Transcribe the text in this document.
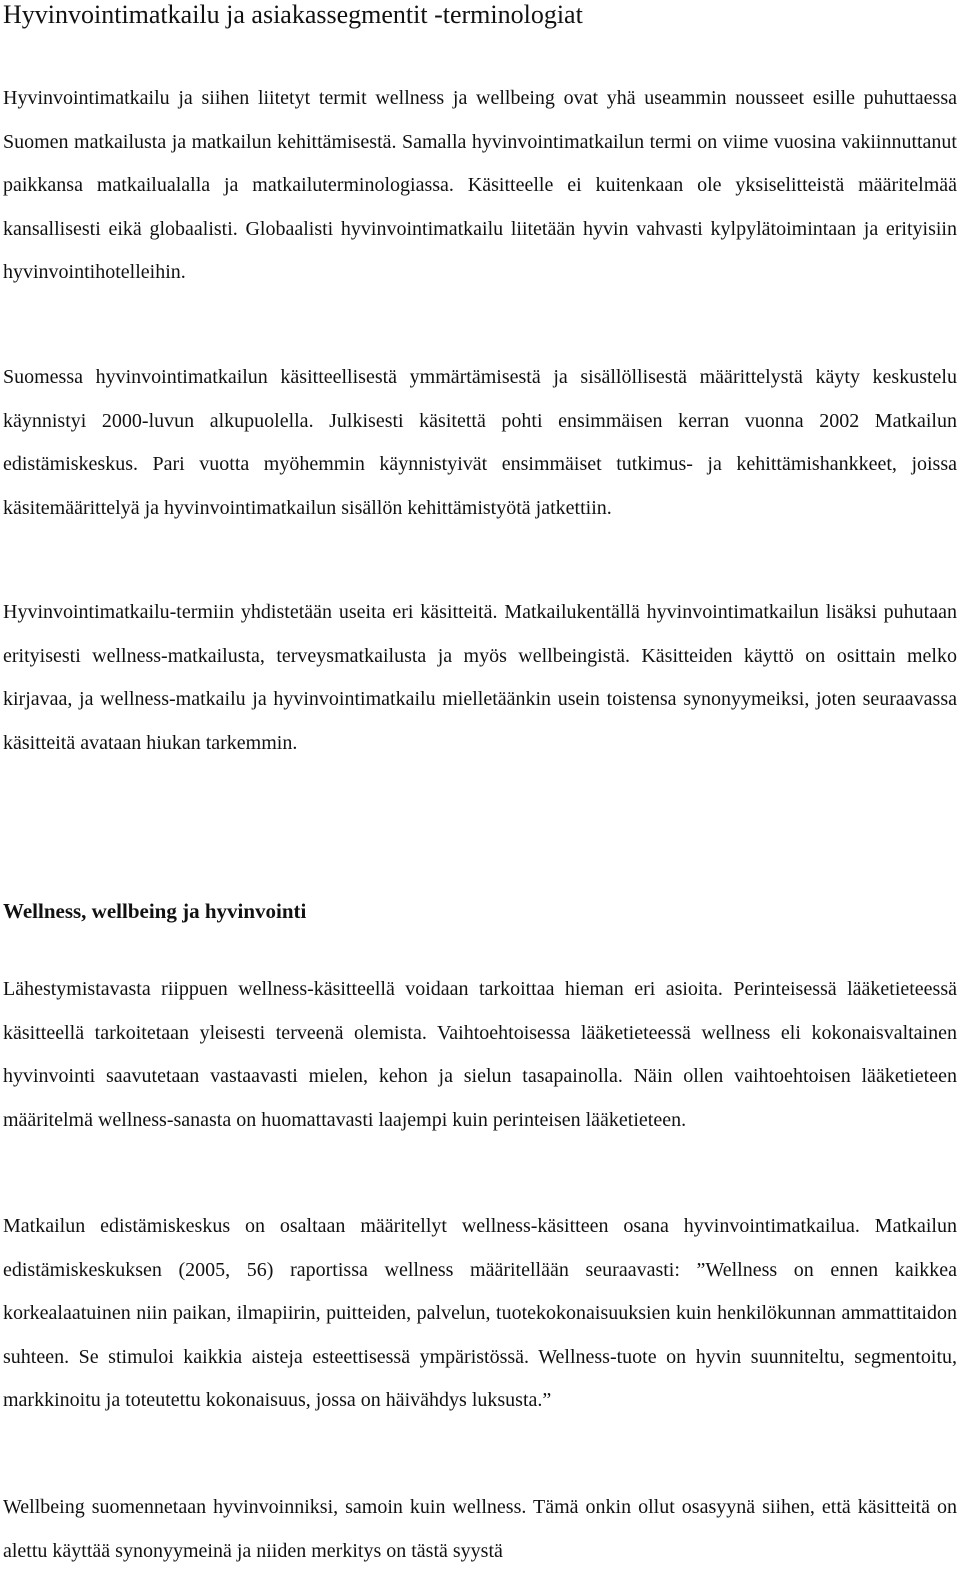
Hyvinvointimatkailu ja asiakassegmentit -terminologiat

Hyvinvointimatkailu ja siihen liitetyt termit wellness ja wellbeing ovat yhä useammin nousseet esille puhuttaessa Suomen matkailusta ja matkailun kehittämisestä. Samalla hyvinvointimatkailun termi on viime vuosina vakiinnuttanut paikkansa matkailualalla ja matkailuterminologiassa. Käsitteelle ei kuitenkaan ole yksiselitteistä määritelmää kansallisesti eikä globaalisti. Globaalisti hyvinvointimatkailu liitetään hyvin vahvasti kylpylätoimintaan ja erityisiin hyvinvointihotelleihin.

Suomessa hyvinvointimatkailun käsitteellisestä ymmärtämisestä ja sisällöllisestä määrittelystä käyty keskustelu käynnistyi 2000-luvun alkupuolella. Julkisesti käsitettä pohti ensimmäisen kerran vuonna 2002 Matkailun edistämiskeskus. Pari vuotta myöhemmin käynnistyivät ensimmäiset tutkimus- ja kehittämishankkeet, joissa käsitemäärittelyä ja hyvinvointimatkailun sisällön kehittämistyötä jatkettiin.

Hyvinvointimatkailu-termiin yhdistetään useita eri käsitteitä. Matkailukentällä hyvinvointimatkailun lisäksi puhutaan erityisesti wellness-matkailusta, terveysmatkailusta ja myös wellbeingistä. Käsitteiden käyttö on osittain melko kirjavaa, ja wellness-matkailu ja hyvinvointimatkailu mielletäänkin usein toistensa synonyymeiksi, joten seuraavassa käsitteitä avataan hiukan tarkemmin.

Wellness, wellbeing ja hyvinvointi

Lähestymistavasta riippuen wellness-käsitteellä voidaan tarkoittaa hieman eri asioita. Perinteisessä lääketieteessä käsitteellä tarkoitetaan yleisesti terveenä olemista. Vaihtoehtoisessa lääketieteessä wellness eli kokonaisvaltainen hyvinvointi saavutetaan vastaavasti mielen, kehon ja sielun tasapainolla. Näin ollen vaihtoehtoisen lääketieteen määritelmä wellness-sanasta on huomattavasti laajempi kuin perinteisen lääketieteen.

Matkailun edistämiskeskus on osaltaan määritellyt wellness-käsitteen osana hyvinvointimatkailua. Matkailun edistämiskeskuksen (2005, 56) raportissa wellness määritellään seuraavasti: ”Wellness on ennen kaikkea korkealaatuinen niin paikan, ilmapiirin, puitteiden, palvelun, tuotekokonaisuuksien kuin henkilökunnan ammattitaidon suhteen. Se stimuloi kaikkia aisteja esteettisessä ympäristössä. Wellness-tuote on hyvin suunniteltu, segmentoitu, markkinoitu ja toteutettu kokonaisuus, jossa on häivähdys luksusta.”

Wellbeing suomennetaan hyvinvoinniksi, samoin kuin wellness. Tämä onkin ollut osasyynä siihen, että käsitteitä on alettu käyttää synonyymeinä ja niiden merkitys on tästä syystä
